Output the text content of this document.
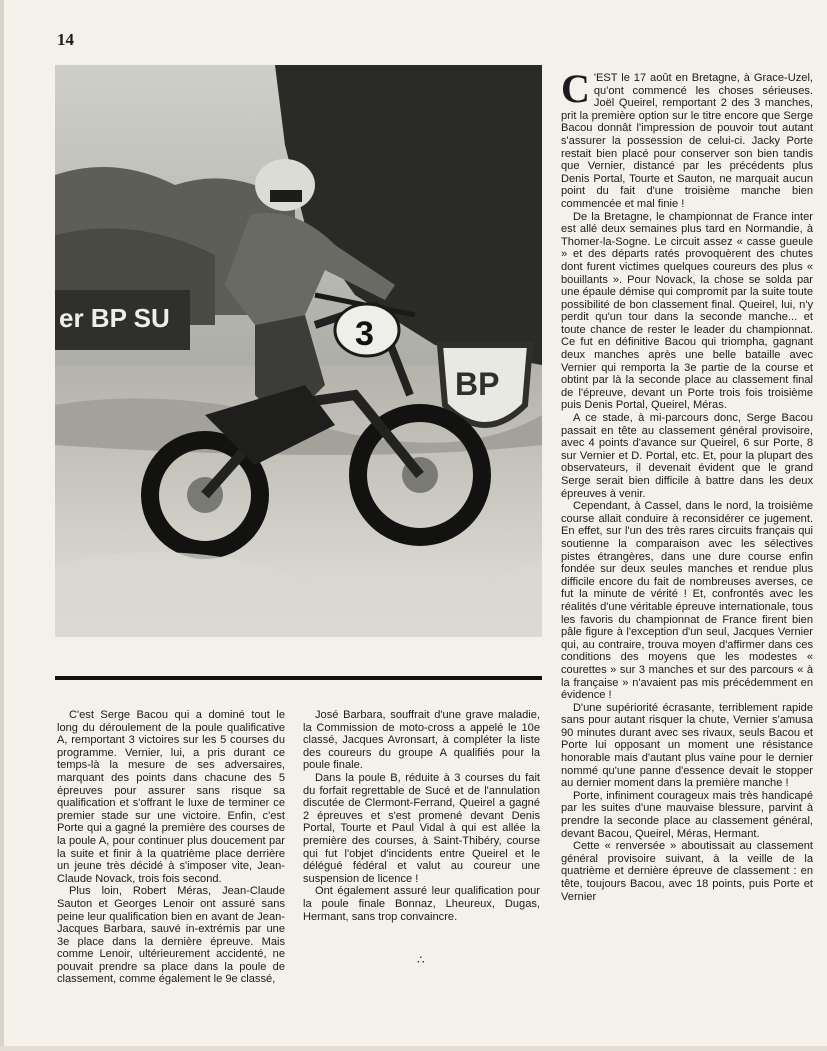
14
er BP SU
BP
3

C 'EST le 17 août en Bretagne, à Grace-Uzel, qu'ont commencé les choses sérieuses. Joël Queirel, remportant 2 des 3 manches, prit la première option sur le titre encore que Serge Bacou donnât l'impression de pouvoir tout autant s'assurer la possession de celui-ci. Jacky Porte restait bien placé pour conserver son bien tandis que Vernier, distancé par les précédents plus Denis Portal, Tourte et Sauton, ne marquait aucun point du fait d'une troisième manche bien commencée et mal finie !

De la Bretagne, le championnat de France inter est allé deux semaines plus tard en Normandie, à Thomer-la-Sogne. Le circuit assez « casse gueule » et des départs ratés provoquèrent des chutes dont furent victimes quelques coureurs des plus « bouillants ». Pour Novack, la chose se solda par une épaule démise qui compromit par la suite toute possibilité de bon classement final. Queirel, lui, n'y perdit qu'un tour dans la seconde manche... et toute chance de rester le leader du championnat. Ce fut en définitive Bacou qui triompha, gagnant deux manches après une belle bataille avec Vernier qui remporta la 3e partie de la course et obtint par là la seconde place au classement final de l'épreuve, devant un Porte trois fois troisième puis Denis Portal, Queirel, Méras.

A ce stade, à mi-parcours donc, Serge Bacou passait en tête au classement général provisoire, avec 4 points d'avance sur Queirel, 6 sur Porte, 8 sur Vernier et D. Portal, etc. Et, pour la plupart des observateurs, il devenait évident que le grand Serge serait bien difficile à battre dans les deux épreuves à venir.

Cependant, à Cassel, dans le nord, la troisième course allait conduire à reconsidérer ce jugement. En effet, sur l'un des très rares circuits français qui soutienne la comparaison avec les sélectives pistes étrangères, dans une dure course enfin fondée sur deux seules manches et rendue plus difficile encore du fait de nombreuses averses, ce fut la minute de vérité ! Et, confrontés avec les réalités d'une véritable épreuve internationale, tous les favoris du championnat de France firent bien pâle figure à l'exception d'un seul, Jacques Vernier qui, au contraire, trouva moyen d'affirmer dans ces conditions des moyens que les modestes « courettes » sur 3 manches et sur des parcours « à la française » n'avaient pas mis précédemment en évidence !

D'une supériorité écrasante, terriblement rapide sans pour autant risquer la chute, Vernier s'amusa 90 minutes durant avec ses rivaux, seuls Bacou et Porte lui opposant un moment une résistance honorable mais d'autant plus vaine pour le dernier nommé qu'une panne d'essence devait le stopper au dernier moment dans la première manche !

Porte, infiniment courageux mais très handicapé par les suites d'une mauvaise blessure, parvint à prendre la seconde place au classement général, devant Bacou, Queirel, Méras, Hermant.

Cette « renversée » aboutissait au classement général provisoire suivant, à la veille de la quatrième et dernière épreuve de classement : en tête, toujours Bacou, avec 18 points, puis Porte et Vernier

C'est Serge Bacou qui a dominé tout le long du déroulement de la poule qualificative A, remportant 3 victoires sur les 5 courses du programme. Vernier, lui, a pris durant ce temps-là la mesure de ses adversaires, marquant des points dans chacune des 5 épreuves pour assurer sans risque sa qualification et s'offrant le luxe de terminer ce premier stade sur une victoire. Enfin, c'est Porte qui a gagné la première des courses de la poule A, pour continuer plus doucement par la suite et finir à la quatrième place derrière un jeune très décidé à s'imposer vite, Jean-Claude Novack, trois fois second.

Plus loin, Robert Méras, Jean-Claude Sauton et Georges Lenoir ont assuré sans peine leur qualification bien en avant de Jean-Jacques Barbara, sauvé in-extrémis par une 3e place dans la dernière épreuve. Mais comme Lenoir, ultérieurement accidenté, ne pouvait prendre sa place dans la poule de classement, comme également le 9e classé,

José Barbara, souffrait d'une grave maladie, la Commission de moto-cross a appelé le 10e classé, Jacques Avronsart, à compléter la liste des coureurs du groupe A qualifiés pour la poule finale.

Dans la poule B, réduite à 3 courses du fait du forfait regrettable de Sucé et de l'annulation discutée de Clermont-Ferrand, Queirel a gagné 2 épreuves et s'est promené devant Denis Portal, Tourte et Paul Vidal à qui est allée la première des courses, à Saint-Thibéry, course qui fut l'objet d'incidents entre Queirel et le délégué fédéral et valut au coureur une suspension de licence !

Ont également assuré leur qualification pour la poule finale Bonnaz, Lheureux, Dugas, Hermant, sans trop convaincre.

∴
